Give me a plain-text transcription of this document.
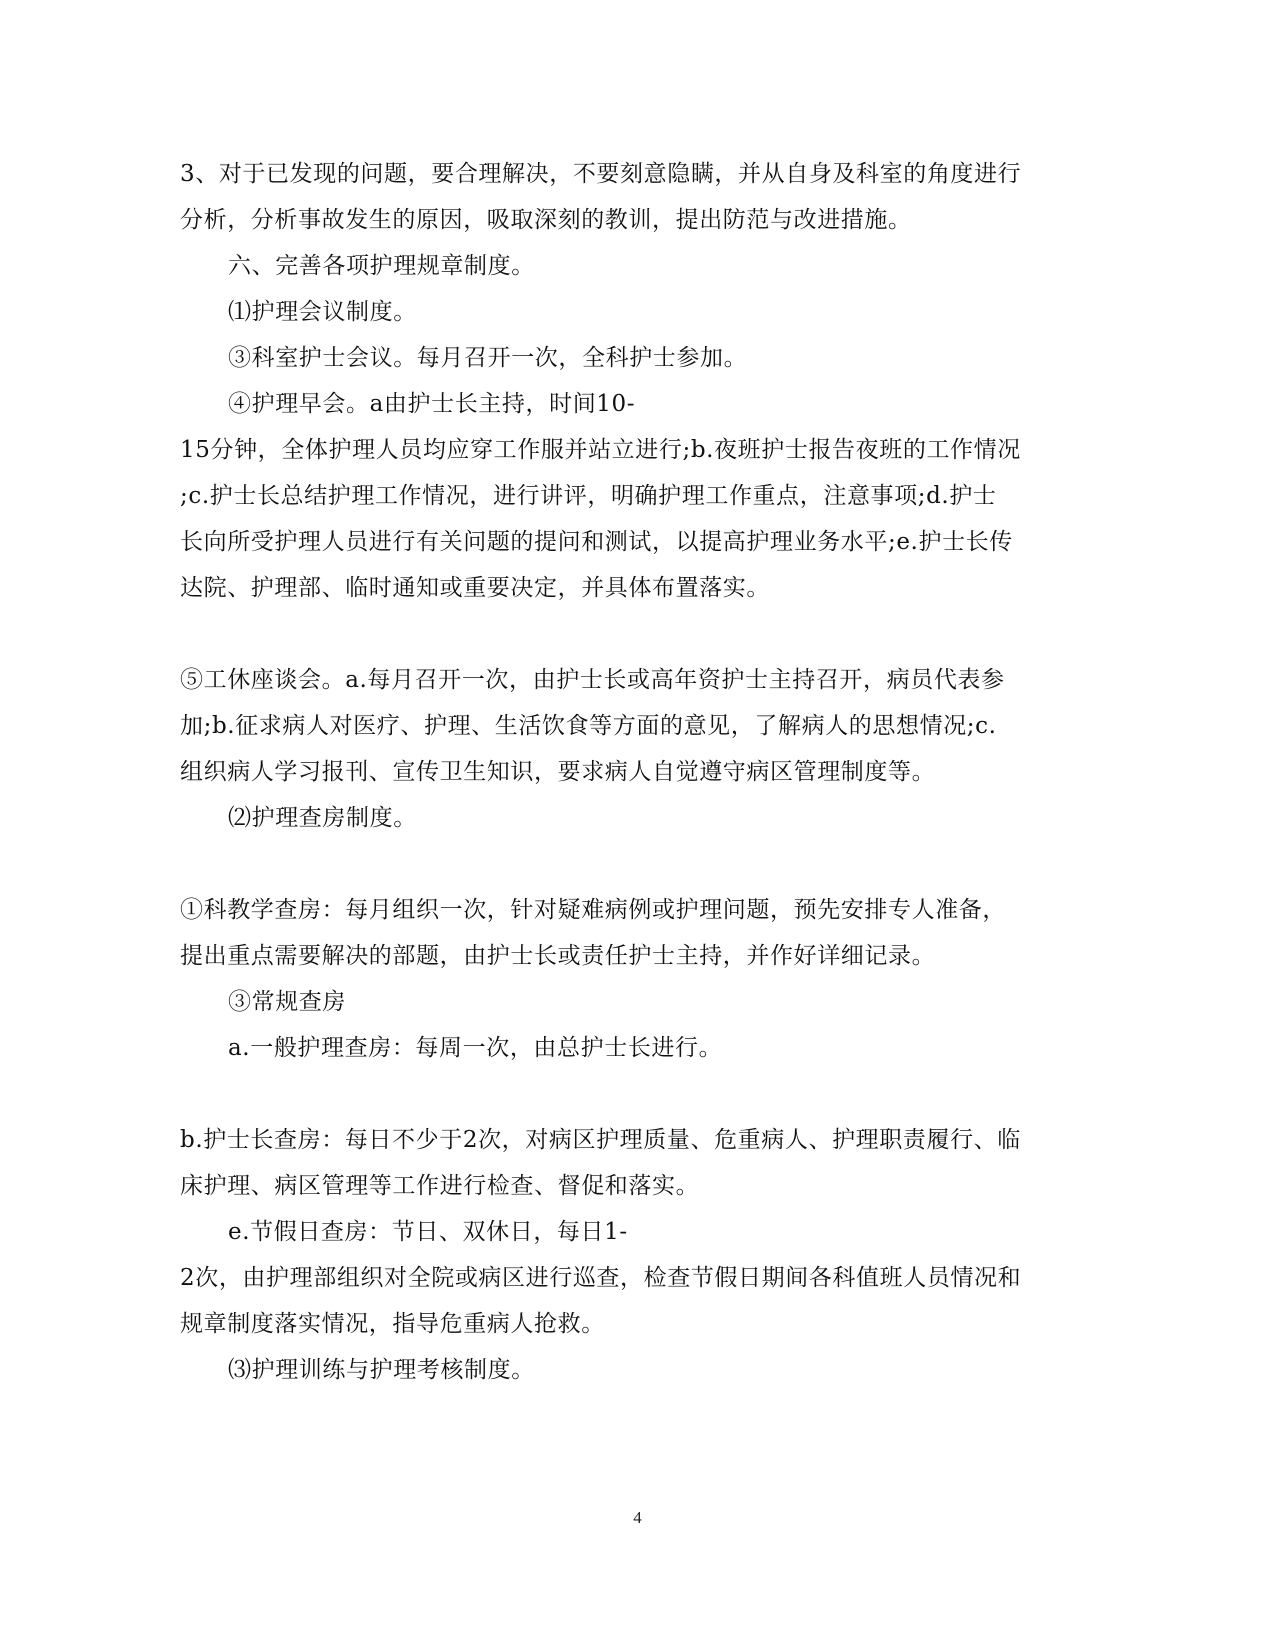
3、对于已发现的问题，要合理解决，不要刻意隐瞒，并从自身及科室的角度进行
分析，分析事故发生的原因，吸取深刻的教训，提出防范与改进措施。
六、完善各项护理规章制度。
⑴护理会议制度。
③科室护士会议。每月召开一次，全科护士参加。
④护理早会。a由护士长主持，时间10-
15分钟，全体护理人员均应穿工作服并站立进行;b.夜班护士报告夜班的工作情况
;c.护士长总结护理工作情况，进行讲评，明确护理工作重点，注意事项;d.护士
长向所受护理人员进行有关问题的提问和测试，以提高护理业务水平;e.护士长传
达院、护理部、临时通知或重要决定，并具体布置落实。
⑤工休座谈会。a.每月召开一次，由护士长或高年资护士主持召开，病员代表参
加;b.征求病人对医疗、护理、生活饮食等方面的意见，了解病人的思想情况;c.
组织病人学习报刊、宣传卫生知识，要求病人自觉遵守病区管理制度等。
⑵护理查房制度。
①科教学查房：每月组织一次，针对疑难病例或护理问题，预先安排专人准备，
提出重点需要解决的部题，由护士长或责任护士主持，并作好详细记录。
③常规查房
a.一般护理查房：每周一次，由总护士长进行。
b.护士长查房：每日不少于2次，对病区护理质量、危重病人、护理职责履行、临
床护理、病区管理等工作进行检查、督促和落实。
e.节假日查房：节日、双休日，每日1-
2次，由护理部组织对全院或病区进行巡查，检查节假日期间各科值班人员情况和
规章制度落实情况，指导危重病人抢救。
⑶护理训练与护理考核制度。
4
